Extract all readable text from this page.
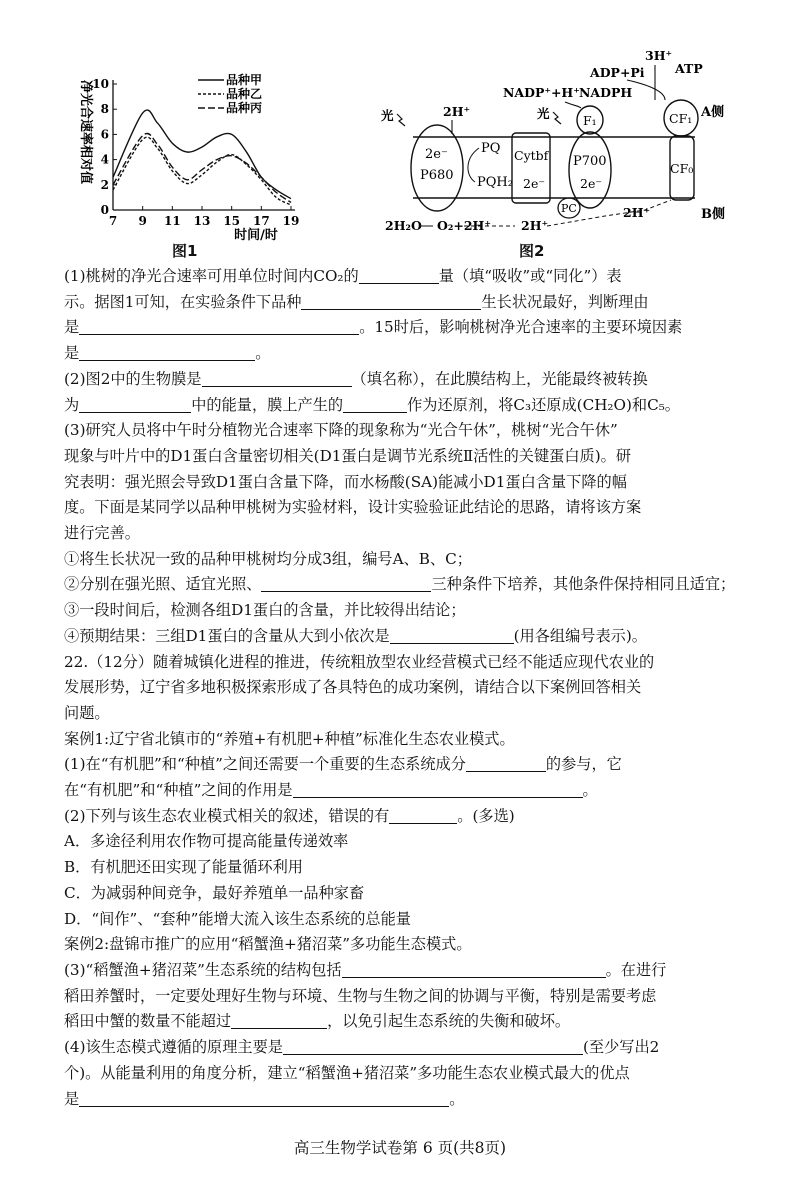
0
2
4
6
8
10
7 9 11 13 15 17 19
品种甲
品种乙
品种丙
净光合速率相对值
时间/时
图1
2e⁻
P680
PQ
PQH₂
Cytbf
2e⁻
F₁
P700
2e⁻
PC
CF₁
CF₀
3H⁺
ADP+Pi ATP
NADP⁺+H⁺ NADPH
光	光
2H⁺	A侧
B侧
2H₂O O₂+2H⁺ 2H⁺
2H⁺
图2

(1)桃树的净光合速率可用单位时间内CO₂的	量（填“吸收”或“同化”）表

示。据图1可知，在实验条件下品种	生长状况最好，判断理由

是	。15时后，影响桃树净光合速率的主要环境因素

是	。

(2)图2中的生物膜是	（填名称），在此膜结构上，光能最终被转换

为	中的能量，膜上产生的	作为还原剂，将C₃还原成(CH₂O)和C₅。

(3)研究人员将中午时分植物光合速率下降的现象称为“光合午休”，桃树“光合午休”

现象与叶片中的D1蛋白含量密切相关(D1蛋白是调节光系统Ⅱ活性的关键蛋白质)。研

究表明：强光照会导致D1蛋白含量下降，而水杨酸(SA)能减小D1蛋白含量下降的幅

度。下面是某同学以品种甲桃树为实验材料，设计实验验证此结论的思路，请将该方案

进行完善。

①将生长状况一致的品种甲桃树均分成3组，编号A、B、C；

②分别在强光照、适宜光照、	三种条件下培养，其他条件保持相同且适宜；

③一段时间后，检测各组D1蛋白的含量，并比较得出结论；

④预期结果：三组D1蛋白的含量从大到小依次是	(用各组编号表示)。

22.（12分）随着城镇化进程的推进，传统粗放型农业经营模式已经不能适应现代农业的

发展形势，辽宁省多地积极探索形成了各具特色的成功案例，请结合以下案例回答相关

问题。

案例1:辽宁省北镇市的“养殖+有机肥+种植”标准化生态农业模式。

(1)在“有机肥”和“种植”之间还需要一个重要的生态系统成分	的参与，它

在“有机肥”和“种植”之间的作用是	。

(2)下列与该生态农业模式相关的叙述，错误的有	。(多选)

A．多途径利用农作物可提高能量传递效率

B．有机肥还田实现了能量循环利用

C．为减弱种间竞争，最好养殖单一品种家畜

D．“间作”、“套种”能增大流入该生态系统的总能量

案例2:盘锦市推广的应用“稻蟹渔+猪沼菜”多功能生态模式。

(3)“稻蟹渔+猪沼菜”生态系统的结构包括	。在进行

稻田养蟹时，一定要处理好生物与环境、生物与生物之间的协调与平衡，特别是需要考虑

稻田中蟹的数量不能超过	，以免引起生态系统的失衡和破坏。

(4)该生态模式遵循的原理主要是	(至少写出2

个)。从能量利用的角度分析，建立“稻蟹渔+猪沼菜”多功能生态农业模式最大的优点

是	。

高三生物学试卷第 6 页(共8页)
